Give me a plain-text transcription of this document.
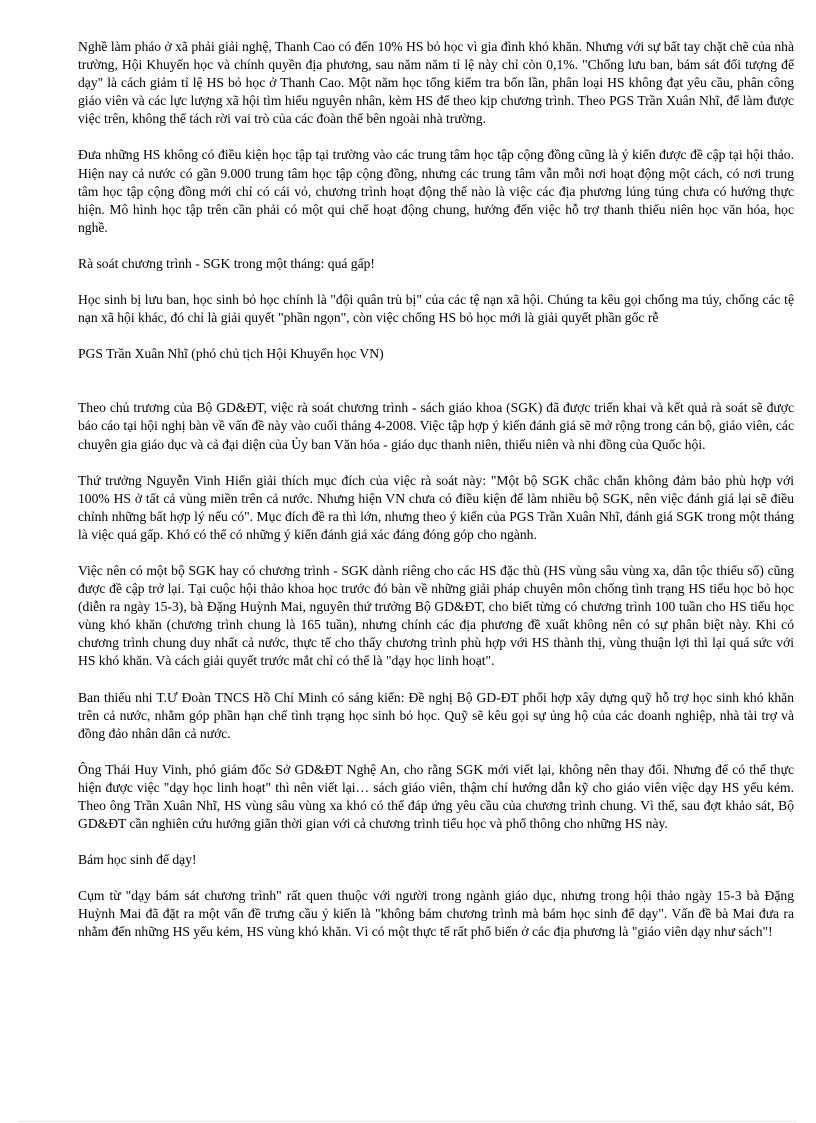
Nghề làm pháo ở xã phải giải nghệ, Thanh Cao có đến 10% HS bỏ học vì gia đình khó khăn. Nhưng với sự bất tay chặt chẽ của nhà trường, Hội Khuyến học và chính quyền địa phương, sau năm năm tỉ lệ này chỉ còn 0,1%. "Chống lưu ban, bám sát đối tượng để dạy" là cách giảm tỉ lệ HS bỏ học ở Thanh Cao. Một năm học tổng kiểm tra bốn lần, phân loại HS không đạt yêu cầu, phân công giáo viên và các lực lượng xã hội tìm hiểu nguyên nhân, kèm HS để theo kịp chương trình. Theo PGS Trần Xuân Nhĩ, để làm được việc trên, không thể tách rời vai trò của các đoàn thể bên ngoài nhà trường.

Đưa những HS không có điều kiện học tập tại trường vào các trung tâm học tập cộng đồng cũng là ý kiến được đề cập tại hội thảo. Hiện nay cả nước có gần 9.000 trung tâm học tập cộng đồng, nhưng các trung tâm vẫn mỗi nơi hoạt động một cách, có nơi trung tâm học tập cộng đồng mới chỉ có cái vỏ, chương trình hoạt động thế nào là việc các địa phương lúng túng chưa có hướng thực hiện. Mô hình học tập trên cần phải có một qui chế hoạt động chung, hướng đến việc hỗ trợ thanh thiếu niên học văn hóa, học nghề.

Rà soát chương trình - SGK trong một tháng: quá gấp!

Học sinh bị lưu ban, học sinh bỏ học chính là "đội quân trù bị" của các tệ nạn xã hội. Chúng ta kêu gọi chống ma túy, chống các tệ nạn xã hội khác, đó chỉ là giải quyết "phần ngọn", còn việc chống HS bỏ học mới là giải quyết phần gốc rễ

PGS Trần Xuân Nhĩ (phó chủ tịch Hội Khuyến học VN)

Theo chủ trương của Bộ GD&ĐT, việc rà soát chương trình - sách giáo khoa (SGK) đã được triển khai và kết quả rà soát sẽ được báo cáo tại hội nghị bàn về vấn đề này vào cuối tháng 4-2008. Việc tập hợp ý kiến đánh giá sẽ mở rộng trong cán bộ, giáo viên, các chuyên gia giáo dục và cả đại diện của Ủy ban Văn hóa - giáo dục thanh niên, thiếu niên và nhi đồng của Quốc hội.

Thứ trưởng Nguyễn Vinh Hiển giải thích mục đích của việc rà soát này: "Một bộ SGK chắc chắn không đảm bảo phù hợp với 100% HS ở tất cả vùng miền trên cả nước. Nhưng hiện VN chưa có điều kiện để làm nhiều bộ SGK, nên việc đánh giá lại sẽ điều chỉnh những bất hợp lý nếu có". Mục đích đề ra thì lớn, nhưng theo ý kiến của PGS Trần Xuân Nhĩ, đánh giá SGK trong một tháng là việc quá gấp. Khó có thể có những ý kiến đánh giá xác đáng đóng góp cho ngành.

Việc nên có một bộ SGK hay có chương trình - SGK dành riêng cho các HS đặc thù (HS vùng sâu vùng xa, dân tộc thiểu số) cũng được đề cập trở lại. Tại cuộc hội thảo khoa học trước đó bàn về những giải pháp chuyên môn chống tình trạng HS tiểu học bỏ học (diễn ra ngày 15-3), bà Đặng Huỳnh Mai, nguyên thứ trưởng Bộ GD&ĐT, cho biết từng có chương trình 100 tuần cho HS tiểu học vùng khó khăn (chương trình chung là 165 tuần), nhưng chính các địa phương đề xuất không nên có sự phân biệt này. Khi có chương trình chung duy nhất cả nước, thực tế cho thấy chương trình phù hợp với HS thành thị, vùng thuận lợi thì lại quá sức với HS khó khăn. Và cách giải quyết trước mắt chỉ có thể là "dạy học linh hoạt".

Ban thiếu nhi T.Ư Đoàn TNCS Hồ Chí Minh có sáng kiến: Đề nghị Bộ GD-ĐT phối hợp xây dựng quỹ hỗ trợ học sinh khó khăn trên cả nước, nhằm góp phần hạn chế tình trạng học sinh bỏ học. Quỹ sẽ kêu gọi sự ủng hộ của các doanh nghiệp, nhà tài trợ và đồng đảo nhân dân cả nước.

Ông Thái Huy Vinh, phó giám đốc Sở GD&ĐT Nghệ An, cho rằng SGK mới viết lại, không nên thay đổi. Nhưng để có thể thực hiện được việc "dạy học linh hoạt" thì nên viết lại… sách giáo viên, thậm chí hướng dẫn kỹ cho giáo viên việc dạy HS yếu kém. Theo ông Trần Xuân Nhĩ, HS vùng sâu vùng xa khó có thể đáp ứng yêu cầu của chương trình chung. Vì thế, sau đợt khảo sát, Bộ GD&ĐT cần nghiên cứu hướng giãn thời gian với cả chương trình tiểu học và phổ thông cho những HS này.

Bám học sinh để dạy!

Cụm từ "dạy bám sát chương trình" rất quen thuộc với người trong ngành giáo dục, nhưng trong hội thảo ngày 15-3 bà Đặng Huỳnh Mai đã đặt ra một vấn đề trưng cầu ý kiến là "không bám chương trình mà bám học sinh để dạy". Vấn đề bà Mai đưa ra nhằm đến những HS yếu kém, HS vùng khó khăn. Vì có một thực tế rất phổ biến ở các địa phương là "giáo viên dạy như sách"!
